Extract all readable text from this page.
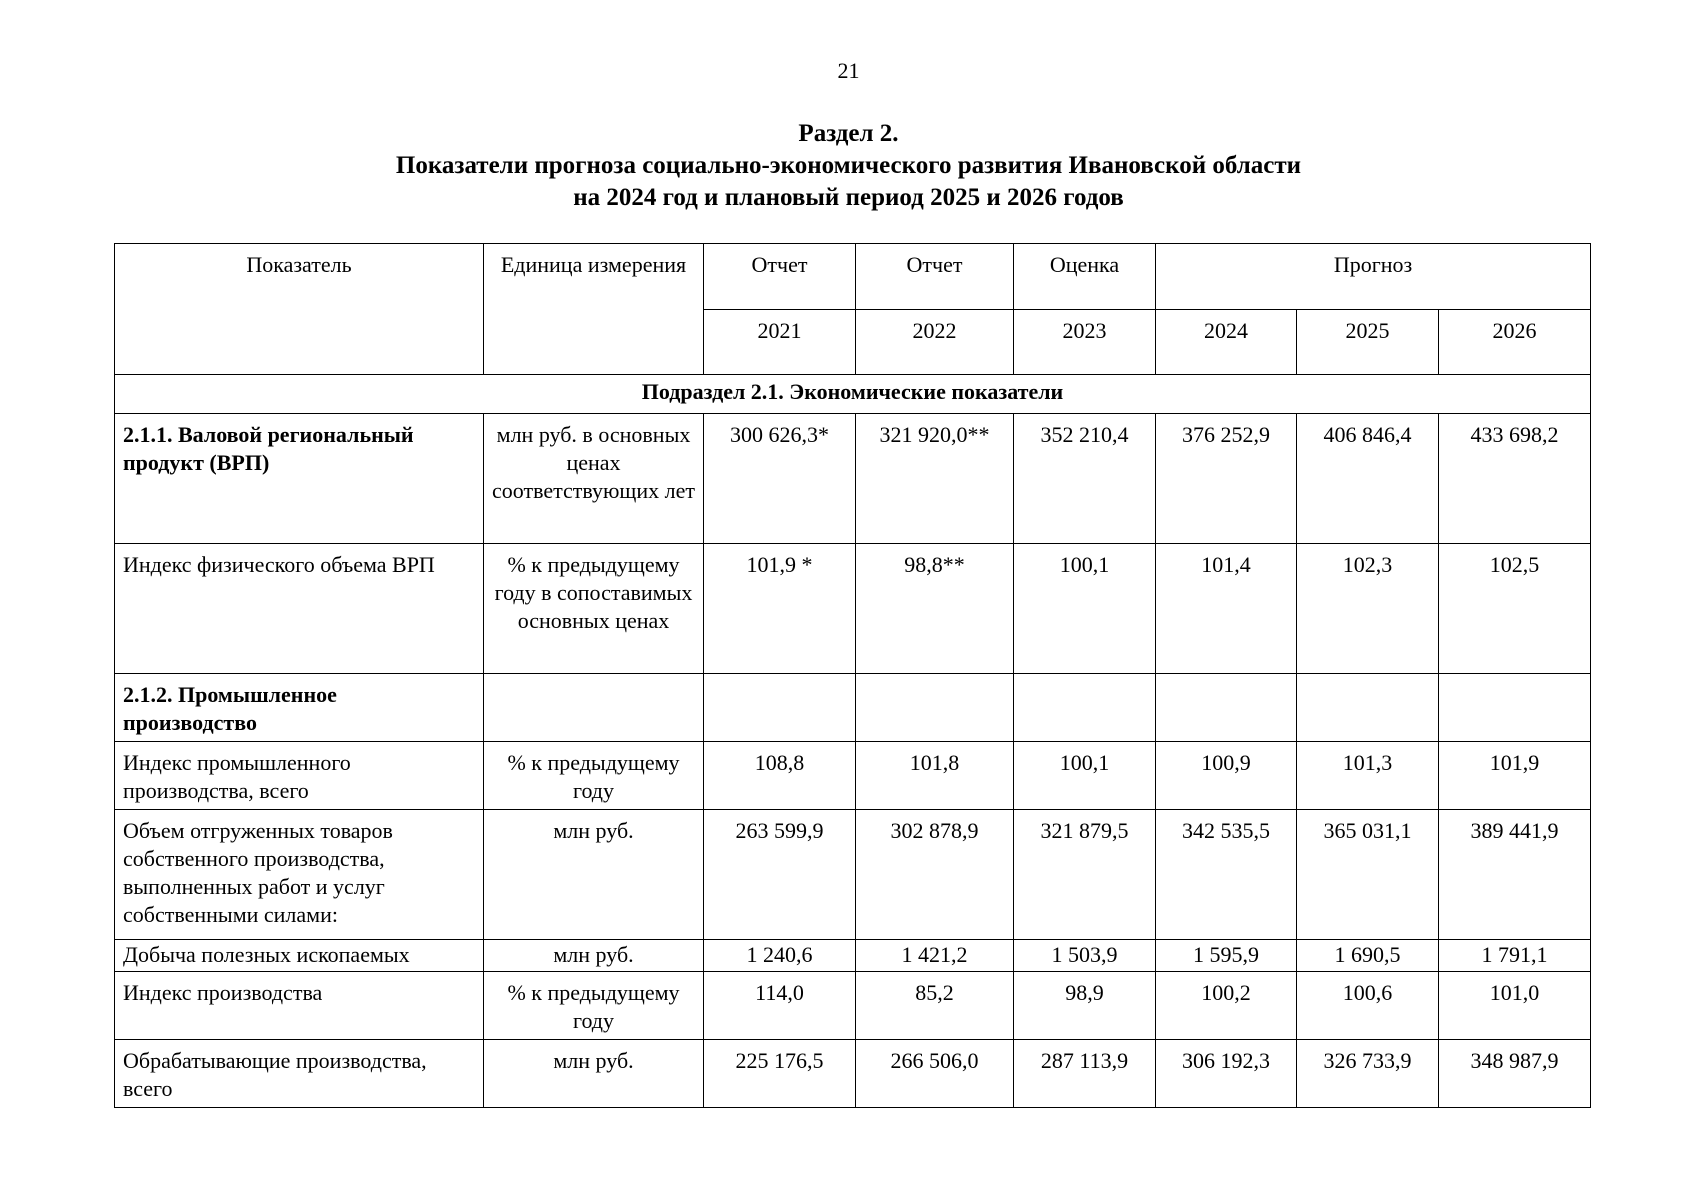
21
Раздел 2.
Показатели прогноза социально-экономического развития Ивановской области
на 2024 год и плановый период 2025 и 2026 годов
Показатель	Единица измерения	Отчет	Отчет	Оценка	Прогноз		
		2021	2022	2023	2024	2025	2026
Подраздел 2.1. Экономические показатели							
2.1.1. Валовой региональный продукт (ВРП)	млн руб. в основных ценах соответствующих лет	300 626,3*	321 920,0**	352 210,4	376 252,9	406 846,4	433 698,2
Индекс физического объема ВРП	% к предыдущему году в сопоставимых основных ценах	101,9 *	98,8**	100,1	101,4	102,3	102,5
2.1.2. Промышленное производство							
Индекс промышленного производства, всего	% к предыдущему году	108,8	101,8	100,1	100,9	101,3	101,9
Объем отгруженных товаров собственного производства, выполненных работ и услуг собственными силами:	млн руб.	263 599,9	302 878,9	321 879,5	342 535,5	365 031,1	389 441,9
Добыча полезных ископаемых	млн руб.	1 240,6	1 421,2	1 503,9	1 595,9	1 690,5	1 791,1
Индекс производства	% к предыдущему году	114,0	85,2	98,9	100,2	100,6	101,0
Обрабатывающие производства, всего	млн руб.	225 176,5	266 506,0	287 113,9	306 192,3	326 733,9	348 987,9
